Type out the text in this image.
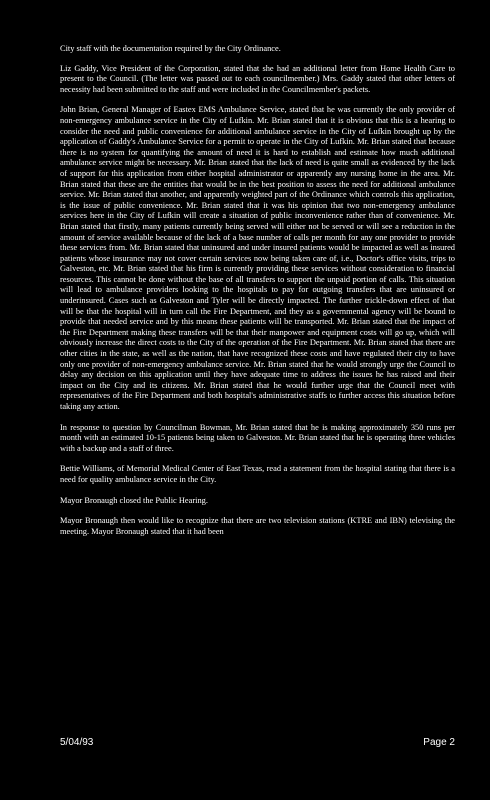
City staff with the documentation required by the City Ordinance.

Liz Gaddy, Vice President of the Corporation, stated that she had an additional letter from Home Health Care to present to the Council. (The letter was passed out to each councilmember.) Mrs. Gaddy stated that other letters of necessity had been submitted to the staff and were included in the Councilmember's packets.

John Brian, General Manager of Eastex EMS Ambulance Service, stated that he was currently the only provider of non-emergency ambulance service in the City of Lufkin. Mr. Brian stated that it is obvious that this is a hearing to consider the need and public convenience for additional ambulance service in the City of Lufkin brought up by the application of Gaddy's Ambulance Service for a permit to operate in the City of Lufkin. Mr. Brian stated that because there is no system for quantifying the amount of need it is hard to establish and estimate how much additional ambulance service might be necessary. Mr. Brian stated that the lack of need is quite small as evidenced by the lack of support for this application from either hospital administrator or apparently any nursing home in the area. Mr. Brian stated that these are the entities that would be in the best position to assess the need for additional ambulance service. Mr. Brian stated that another, and apparently weighted part of the Ordinance which controls this application, is the issue of public convenience. Mr. Brian stated that it was his opinion that two non-emergency ambulance services here in the City of Lufkin will create a situation of public inconvenience rather than of convenience. Mr. Brian stated that firstly, many patients currently being served will either not be served or will see a reduction in the amount of service available because of the lack of a base number of calls per month for any one provider to provide these services from. Mr. Brian stated that uninsured and under insured patients would be impacted as well as insured patients whose insurance may not cover certain services now being taken care of, i.e., Doctor's office visits, trips to Galveston, etc. Mr. Brian stated that his firm is currently providing these services without consideration to financial resources. This cannot be done without the base of all transfers to support the unpaid portion of calls. This situation will lead to ambulance providers looking to the hospitals to pay for outgoing transfers that are uninsured or underinsured. Cases such as Galveston and Tyler will be directly impacted. The further trickle-down effect of that will be that the hospital will in turn call the Fire Department, and they as a governmental agency will be bound to provide that needed service and by this means these patients will be transported. Mr. Brian stated that the impact of the Fire Department making these transfers will be that their manpower and equipment costs will go up, which will obviously increase the direct costs to the City of the operation of the Fire Department. Mr. Brian stated that there are other cities in the state, as well as the nation, that have recognized these costs and have regulated their city to have only one provider of non-emergency ambulance service. Mr. Brian stated that he would strongly urge the Council to delay any decision on this application until they have adequate time to address the issues he has raised and their impact on the City and its citizens. Mr. Brian stated that he would further urge that the Council meet with representatives of the Fire Department and both hospital's administrative staffs to further access this situation before taking any action.

In response to question by Councilman Bowman, Mr. Brian stated that he is making approximately 350 runs per month with an estimated 10-15 patients being taken to Galveston. Mr. Brian stated that he is operating three vehicles with a backup and a staff of three.

Bettie Williams, of Memorial Medical Center of East Texas, read a statement from the hospital stating that there is a need for quality ambulance service in the City.

Mayor Bronaugh closed the Public Hearing.

Mayor Bronaugh then would like to recognize that there are two television stations (KTRE and IBN) televising the meeting. Mayor Bronaugh stated that it had been

5/04/93	Page 2
